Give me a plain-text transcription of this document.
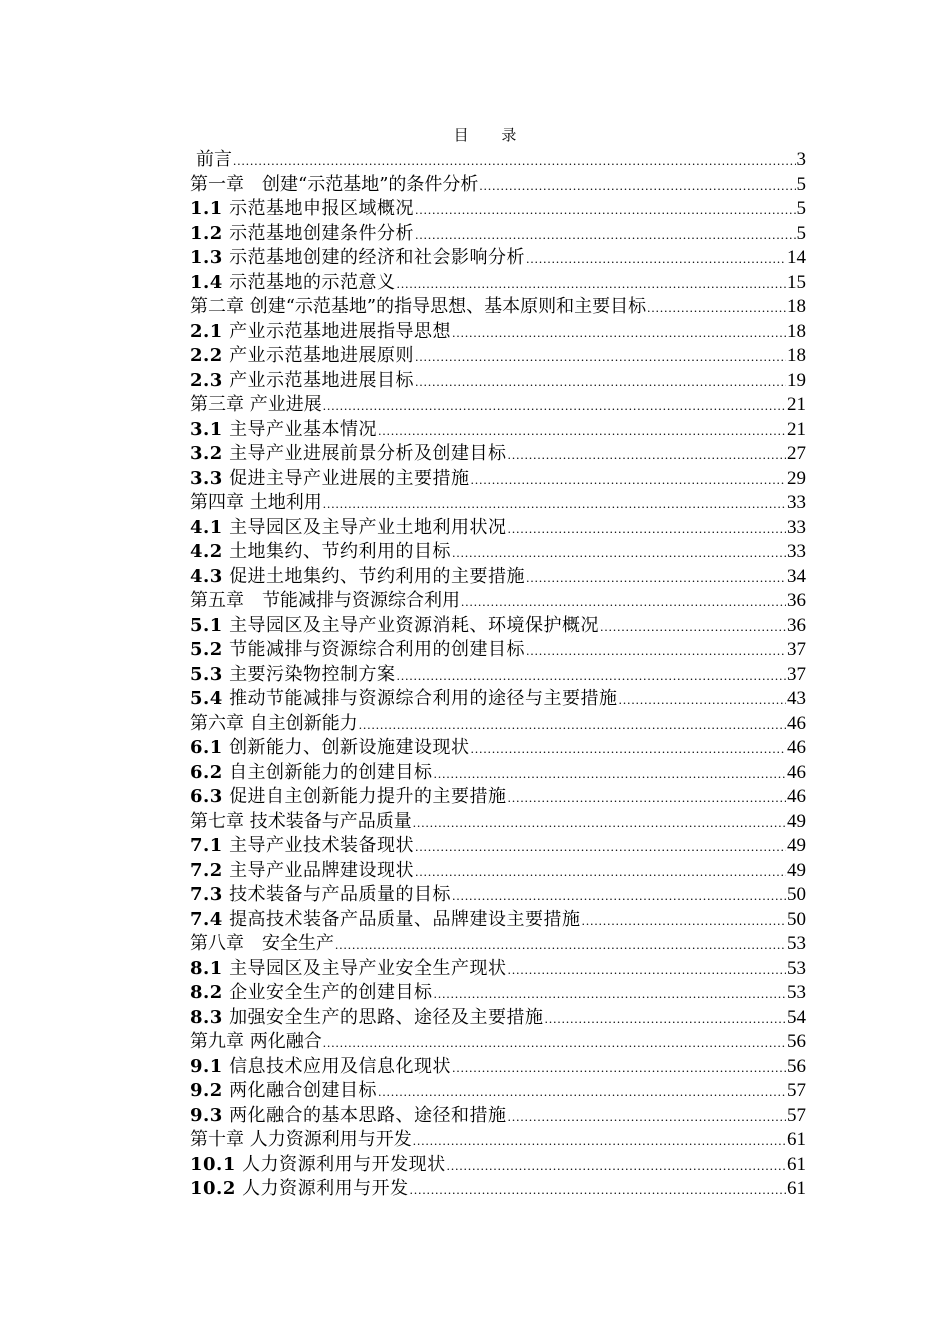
目 录
前言 .....	3
第一章　创建“示范基地”的条件分析 .....	5
1.1 示范基地申报区域概况 .....	5
1.2 示范基地创建条件分析 .....	5
1.3 示范基地创建的经济和社会影响分析 .....	14
1.4 示范基地的示范意义 .....	15
第二章 创建“示范基地”的指导思想、基本原则和主要目标 .....	18
2.1 产业示范基地进展指导思想 .....	18
2.2 产业示范基地进展原则 .....	18
2.3 产业示范基地进展目标 .....	19
第三章 产业进展 .....	21
3.1 主导产业基本情况 .....	21
3.2 主导产业进展前景分析及创建目标 .....	27
3.3 促进主导产业进展的主要措施 .....	29
第四章 土地利用 .....	33
4.1 主导园区及主导产业土地利用状况 .....	33
4.2 土地集约、节约利用的目标 .....	33
4.3 促进土地集约、节约利用的主要措施 .....	34
第五章　节能减排与资源综合利用 .....	36
5.1 主导园区及主导产业资源消耗、环境保护概况 .....	36
5.2 节能减排与资源综合利用的创建目标 .....	37
5.3 主要污染物控制方案 .....	37
5.4 推动节能减排与资源综合利用的途径与主要措施 .....	43
第六章 自主创新能力 .....	46
6.1 创新能力、创新设施建设现状 .....	46
6.2 自主创新能力的创建目标 .....	46
6.3 促进自主创新能力提升的主要措施 .....	46
第七章 技术装备与产品质量 .....	49
7.1 主导产业技术装备现状 .....	49
7.2 主导产业品牌建设现状 .....	49
7.3 技术装备与产品质量的目标 .....	50
7.4 提高技术装备产品质量、品牌建设主要措施 .....	50
第八章　安全生产 .....	53
8.1 主导园区及主导产业安全生产现状 .....	53
8.2 企业安全生产的创建目标 .....	53
8.3 加强安全生产的思路、途径及主要措施 .....	54
第九章 两化融合 .....	56
9.1 信息技术应用及信息化现状 .....	56
9.2 两化融合创建目标 .....	57
9.3 两化融合的基本思路、途径和措施 .....	57
第十章 人力资源利用与开发 .....	61
10.1 人力资源利用与开发现状 .....	61
10.2 人力资源利用与开发 .....	61
